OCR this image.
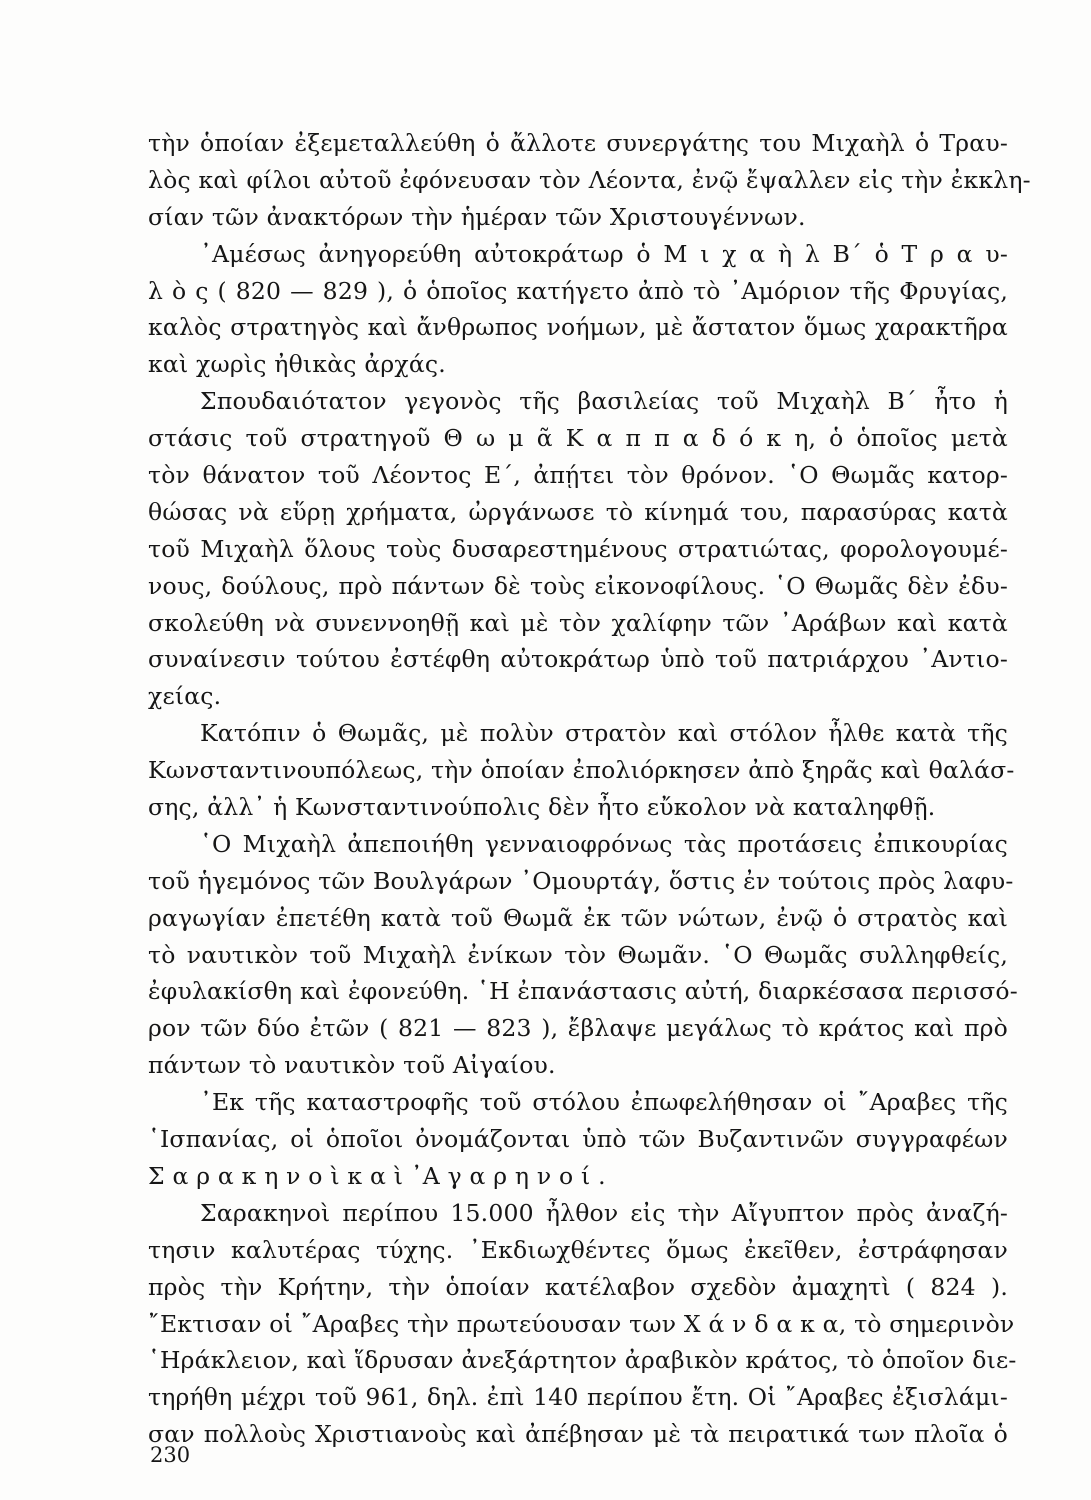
τὴν ὁποίαν ἐξεμεταλλεύθη ὁ ἄλλοτε συνεργάτης του Μιχαὴλ ὁ Τραυ-
λὸς καὶ φίλοι αὐτοῦ ἐφόνευσαν τὸν Λέοντα, ἐνῷ ἔψαλλεν εἰς τὴν ἐκκλη-
σίαν τῶν ἀνακτόρων τὴν ἡμέραν τῶν Χριστουγέννων.
᾿Αμέσως ἀνηγορεύθη αὐτοκράτωρ ὁ Μ ι χ α ὴ λ Β΄ ὁ Τ ρ α υ-
λ ὸ ς ( 820 — 829 ), ὁ ὁποῖος κατήγετο ἀπὸ τὸ ᾿Αμόριον τῆς Φρυγίας,
καλὸς στρατηγὸς καὶ ἄνθρωπος νοήμων, μὲ ἄστατον ὅμως χαρακτῆρα
καὶ χωρὶς ἠθικὰς ἀρχάς.
Σπουδαιότατον γεγονὸς τῆς βασιλείας τοῦ Μιχαὴλ Β΄ ἦτο ἡ
στάσις τοῦ στρατηγοῦ Θ ω μ ᾶ Κ α π π α δ ό κ η, ὁ ὁποῖος μετὰ
τὸν θάνατον τοῦ Λέοντος Ε΄, ἀπῄτει τὸν θρόνον. ῾Ο Θωμᾶς κατορ-
θώσας νὰ εὕρῃ χρήματα, ὠργάνωσε τὸ κίνημά του, παρασύρας κατὰ
τοῦ Μιχαὴλ ὅλους τοὺς δυσαρεστημένους στρατιώτας, φορολογουμέ-
νους, δούλους, πρὸ πάντων δὲ τοὺς εἰκονοφίλους. ῾Ο Θωμᾶς δὲν ἐδυ-
σκολεύθη νὰ συνεννοηθῇ καὶ μὲ τὸν χαλίφην τῶν ᾿Αράβων καὶ κατὰ
συναίνεσιν τούτου ἐστέφθη αὐτοκράτωρ ὑπὸ τοῦ πατριάρχου ᾿Αντιο-
χείας.
Κατόπιν ὁ Θωμᾶς, μὲ πολὺν στρατὸν καὶ στόλον ἦλθε κατὰ τῆς
Κωνσταντινουπόλεως, τὴν ὁποίαν ἐπολιόρκησεν ἀπὸ ξηρᾶς καὶ θαλάσ-
σης, ἀλλ᾿ ἡ Κωνσταντινούπολις δὲν ἦτο εὔκολον νὰ καταληφθῇ.
῾Ο Μιχαὴλ ἀπεποιήθη γενναιοφρόνως τὰς προτάσεις ἐπικουρίας
τοῦ ἡγεμόνος τῶν Βουλγάρων ᾿Ομουρτάγ, ὅστις ἐν τούτοις πρὸς λαφυ-
ραγωγίαν ἐπετέθη κατὰ τοῦ Θωμᾶ ἐκ τῶν νώτων, ἐνῷ ὁ στρατὸς καὶ
τὸ ναυτικὸν τοῦ Μιχαὴλ ἐνίκων τὸν Θωμᾶν. ῾Ο Θωμᾶς συλληφθείς,
ἐφυλακίσθη καὶ ἐφονεύθη. ῾Η ἐπανάστασις αὐτή, διαρκέσασα περισσό-
ρον τῶν δύο ἐτῶν ( 821 — 823 ), ἔβλαψε μεγάλως τὸ κράτος καὶ πρὸ
πάντων τὸ ναυτικὸν τοῦ Αἰγαίου.
᾿Εκ τῆς καταστροφῆς τοῦ στόλου ἐπωφελήθησαν οἱ ῎Αραβες τῆς
῾Ισπανίας, οἱ ὁποῖοι ὀνομάζονται ὑπὸ τῶν Βυζαντινῶν συγγραφέων
Σ α ρ α κ η ν ο ὶ κ α ὶ ᾿Α γ α ρ η ν ο ί .
Σαρακηνοὶ περίπου 15.000 ἦλθον εἰς τὴν Αἴγυπτον πρὸς ἀναζή-
τησιν καλυτέρας τύχης. ᾿Εκδιωχθέντες ὅμως ἐκεῖθεν, ἐστράφησαν
πρὸς τὴν Κρήτην, τὴν ὁποίαν κατέλαβον σχεδὸν ἀμαχητὶ ( 824 ).
῎Εκτισαν οἱ ῎Αραβες τὴν πρωτεύουσαν των Χ ά ν δ α κ α, τὸ σημερινὸν
῾Ηράκλειον, καὶ ἵδρυσαν ἀνεξάρτητον ἀραβικὸν κράτος, τὸ ὁποῖον διε-
τηρήθη μέχρι τοῦ 961, δηλ. ἐπὶ 140 περίπου ἔτη. Οἱ ῎Αραβες ἐξισλάμι-
σαν πολλοὺς Χριστιανοὺς καὶ ἀπέβησαν μὲ τὰ πειρατικά των πλοῖα ὁ
230
